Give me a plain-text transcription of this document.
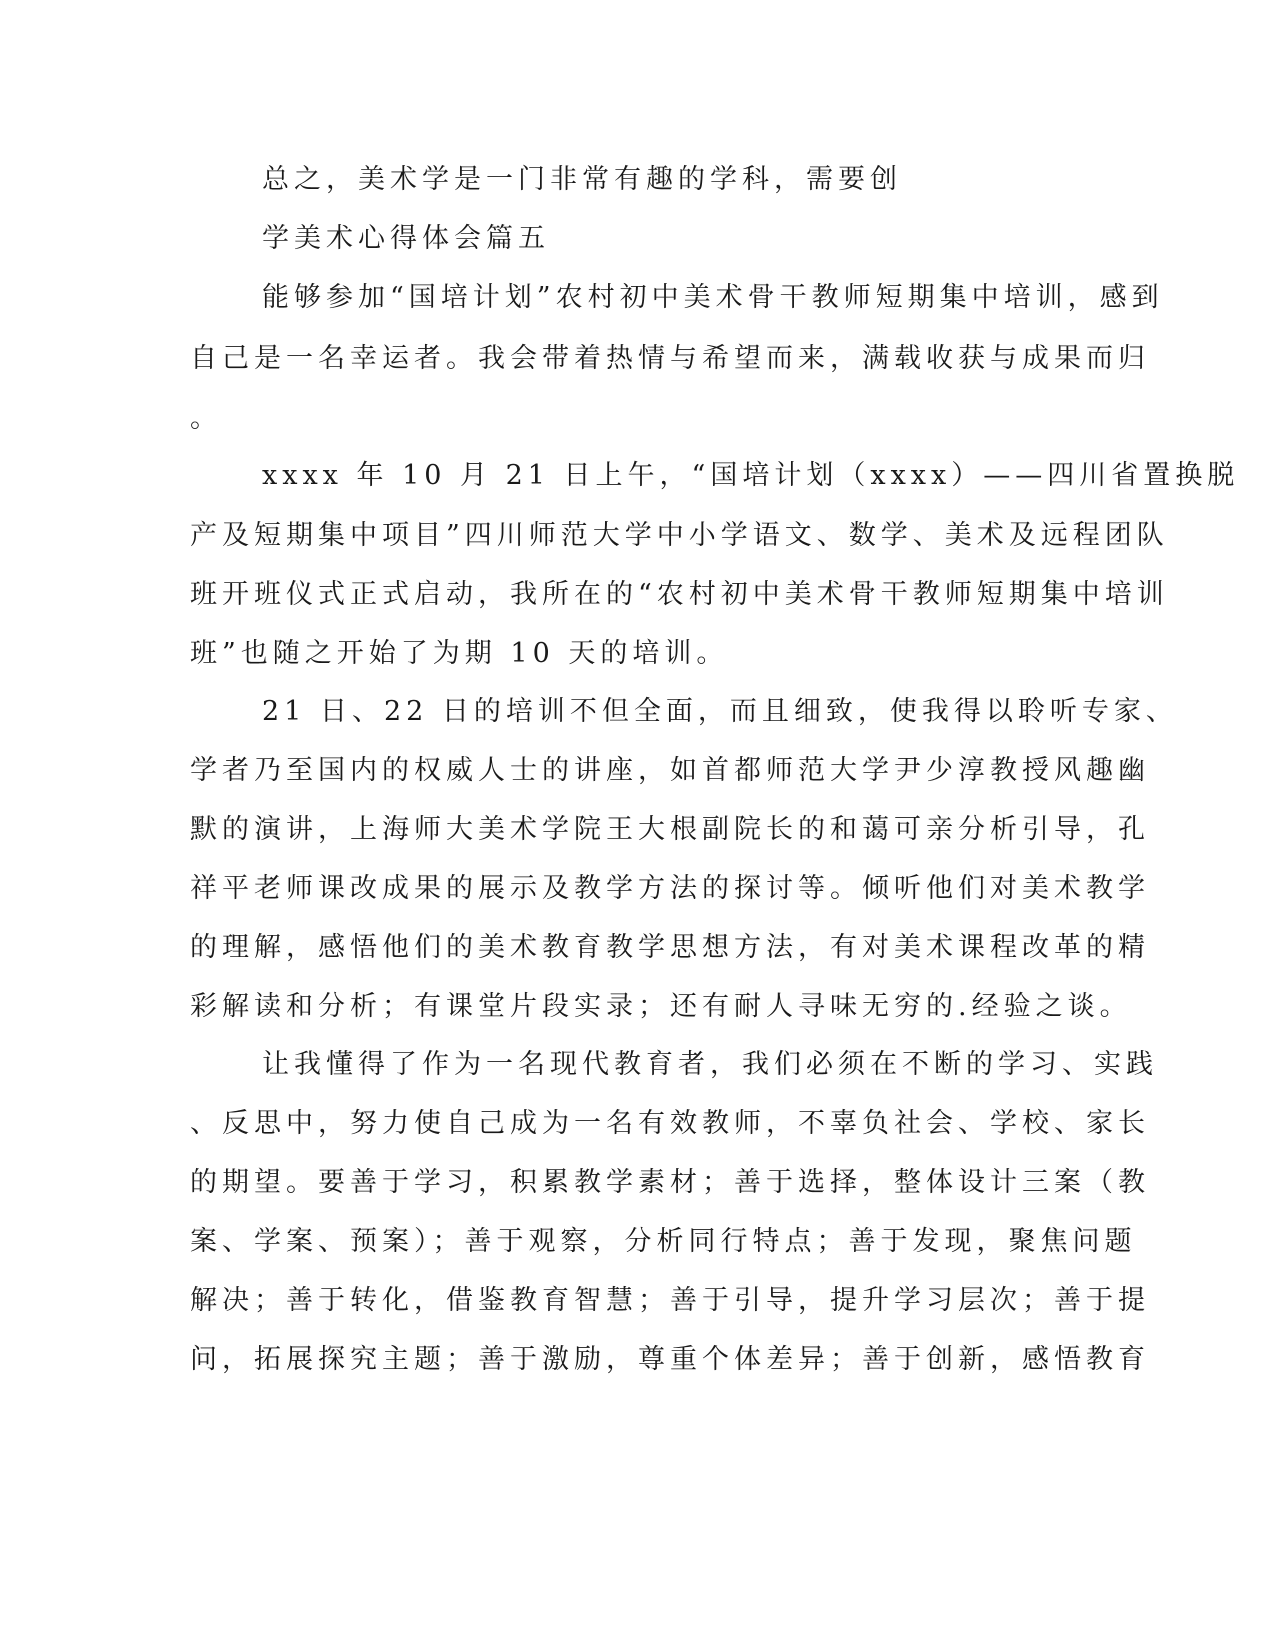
总之，美术学是一门非常有趣的学科，需要创
学美术心得体会篇五
能够参加“国培计划”农村初中美术骨干教师短期集中培训，感到
自己是一名幸运者。我会带着热情与希望而来，满载收获与成果而归
。
xxxx 年 10 月 21 日上午，“国培计划（xxxx）——四川省置换脱
产及短期集中项目”四川师范大学中小学语文、数学、美术及远程团队
班开班仪式正式启动，我所在的“农村初中美术骨干教师短期集中培训
班”也随之开始了为期 10 天的培训。
21 日、22 日的培训不但全面，而且细致，使我得以聆听专家、
学者乃至国内的权威人士的讲座，如首都师范大学尹少淳教授风趣幽
默的演讲，上海师大美术学院王大根副院长的和蔼可亲分析引导，孔
祥平老师课改成果的展示及教学方法的探讨等。倾听他们对美术教学
的理解，感悟他们的美术教育教学思想方法，有对美术课程改革的精
彩解读和分析；有课堂片段实录；还有耐人寻味无穷的.经验之谈。
让我懂得了作为一名现代教育者，我们必须在不断的学习、实践
、反思中，努力使自己成为一名有效教师，不辜负社会、学校、家长
的期望。要善于学习，积累教学素材；善于选择，整体设计三案（教
案、学案、预案）；善于观察，分析同行特点；善于发现，聚焦问题
解决；善于转化，借鉴教育智慧；善于引导，提升学习层次；善于提
问，拓展探究主题；善于激励，尊重个体差异；善于创新，感悟教育
